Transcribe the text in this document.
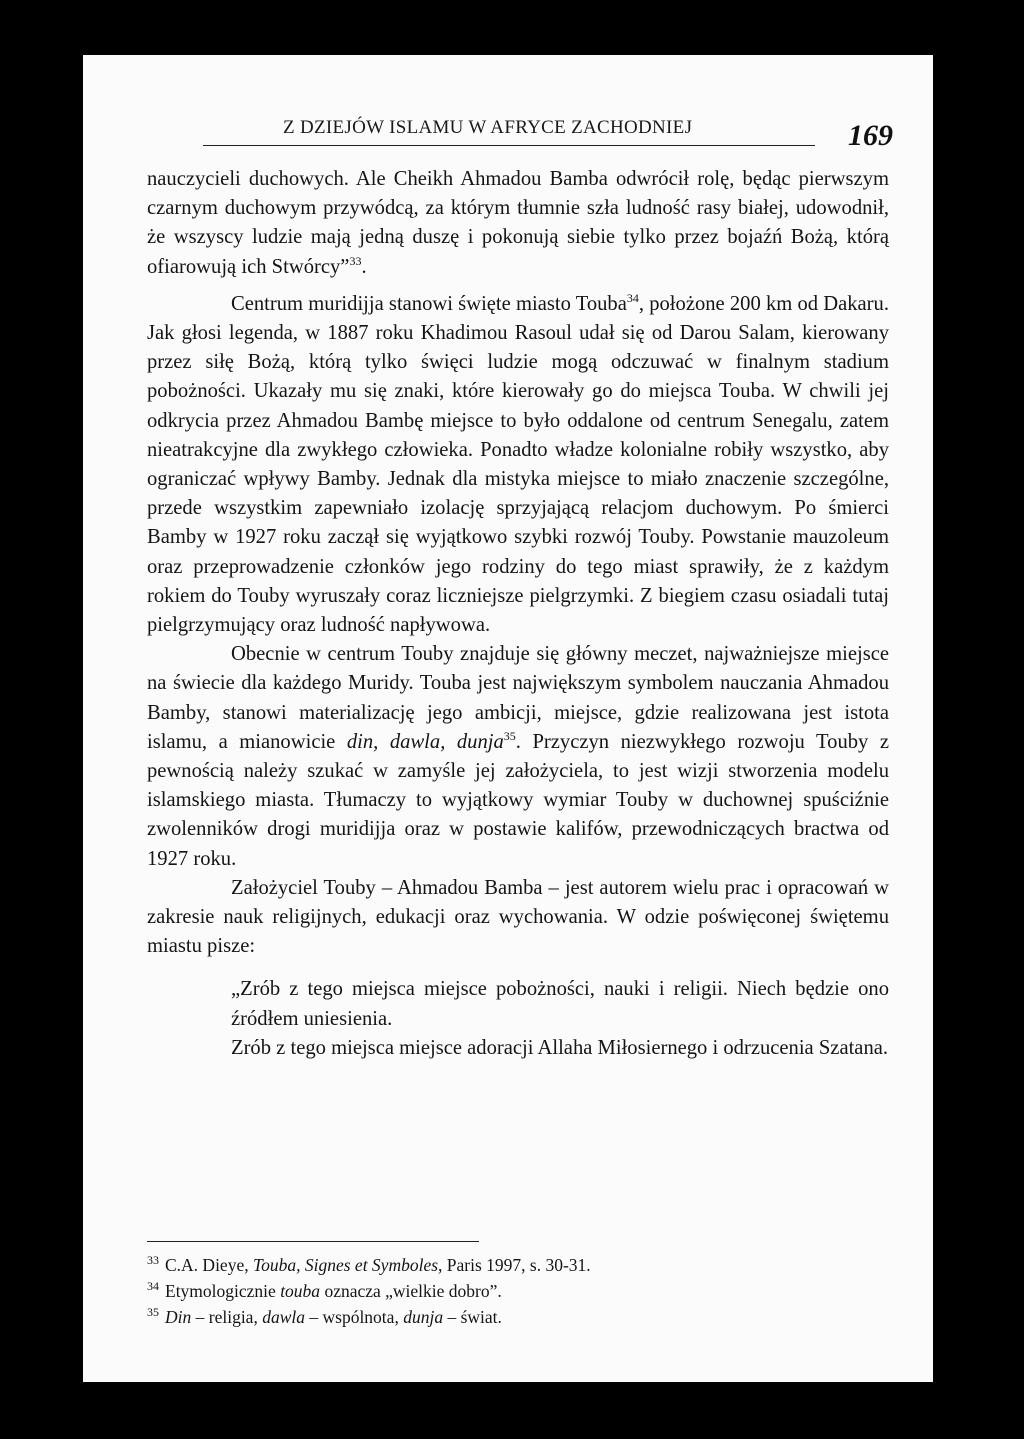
Z DZIEJÓW ISLAMU W AFRYCE ZACHODNIEJ	169

nauczycieli duchowych. Ale Cheikh Ahmadou Bamba odwrócił rolę, będąc pierwszym czarnym duchowym przywódcą, za którym tłumnie szła ludność rasy białej, udowodnił, że wszyscy ludzie mają jedną duszę i pokonują siebie tylko przez bojaźń Bożą, którą ofiarowują ich Stwórcy”$^{33}$.

Centrum muridijja stanowi święte miasto Touba$^{34}$, położone 200 km od Dakaru. Jak głosi legenda, w 1887 roku Khadimou Rasoul udał się od Darou Salam, kierowany przez siłę Bożą, którą tylko święci ludzie mogą odczuwać w finalnym stadium pobożności. Ukazały mu się znaki, które kierowały go do miejsca Touba. W chwili jej odkrycia przez Ahmadou Bambę miejsce to było oddalone od centrum Senegalu, zatem nieatrakcyjne dla zwykłego człowieka. Ponadto władze kolonialne robiły wszystko, aby ograniczać wpływy Bamby. Jednak dla mistyka miejsce to miało znaczenie szczególne, przede wszystkim zapewniało izolację sprzyjającą relacjom duchowym. Po śmierci Bamby w 1927 roku zaczął się wyjątkowo szybki rozwój Touby. Powstanie mauzoleum oraz przeprowadzenie członków jego rodziny do tego miast sprawiły, że z każdym rokiem do Touby wyruszały coraz liczniejsze pielgrzymki. Z biegiem czasu osiadali tutaj pielgrzymujący oraz ludność napływowa.

Obecnie w centrum Touby znajduje się główny meczet, najważniejsze miejsce na świecie dla każdego Muridy. Touba jest największym symbolem nauczania Ahmadou Bamby, stanowi materializację jego ambicji, miejsce, gdzie realizowana jest istota islamu, a mianowicie din, dawla, dunja$^{35}$. Przyczyn niezwykłego rozwoju Touby z pewnością należy szukać w zamyśle jej założyciela, to jest wizji stworzenia modelu islamskiego miasta. Tłumaczy to wyjątkowy wymiar Touby w duchownej spuściźnie zwolenników drogi muridijja oraz w postawie kalifów, przewodniczących bractwa od 1927 roku.

Założyciel Touby – Ahmadou Bamba – jest autorem wielu prac i opracowań w zakresie nauk religijnych, edukacji oraz wychowania. W odzie poświęconej świętemu miastu pisze:

„Zrób z tego miejsca miejsce pobożności, nauki i religii. Niech będzie ono źródłem uniesienia.

Zrób z tego miejsca miejsce adoracji Allaha Miłosiernego i odrzucenia Szatana.

$^{33}$ C.A. Dieye, Touba, Signes et Symboles, Paris 1997, s. 30-31.

$^{34}$ Etymologicznie touba oznacza „wielkie dobro”.

$^{35}$ Din – religia, dawla – wspólnota, dunja – świat.
